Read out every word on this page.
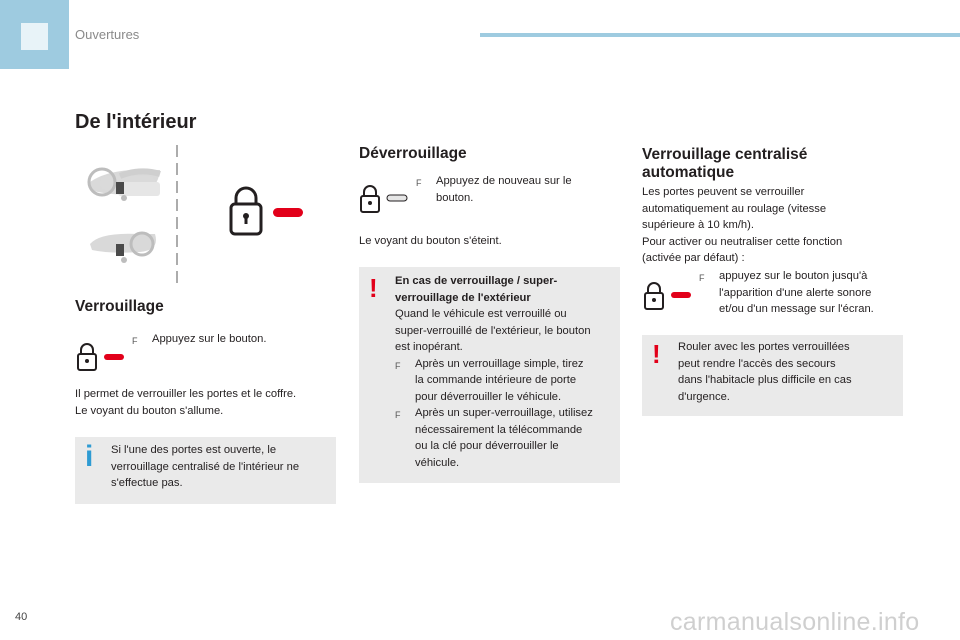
Ouvertures
De l'intérieur
Verrouillage
F	Appuyez sur le bouton.
Il permet de verrouiller les portes et le coffre.
Le voyant du bouton s'allume.
i Si l'une des portes est ouverte, le
verrouillage centralisé de l'intérieur ne
s'effectue pas.
Déverrouillage
F	Appuyez de nouveau sur le
bouton.
Le voyant du bouton s'éteint.
! En cas de verrouillage / super-
verrouillage de l'extérieur
Quand le véhicule est verrouillé ou
super-verrouillé de l'extérieur, le bouton
est inopérant.
F	Après un verrouillage simple, tirez
la commande intérieure de porte
pour déverrouiller le véhicule.
F	Après un super-verrouillage, utilisez
nécessairement la télécommande
ou la clé pour déverrouiller le
véhicule.
Verrouillage centralisé
automatique
Les portes peuvent se verrouiller
automatiquement au roulage (vitesse
supérieure à 10 km/h).
Pour activer ou neutraliser cette fonction
(activée par défaut) :
F	appuyez sur le bouton jusqu'à
l'apparition d'une alerte sonore
et/ou d'un message sur l'écran.
! Rouler avec les portes verrouillées
peut rendre l'accès des secours
dans l'habitacle plus difficile en cas
d'urgence.
40	carmanualsonline.info
